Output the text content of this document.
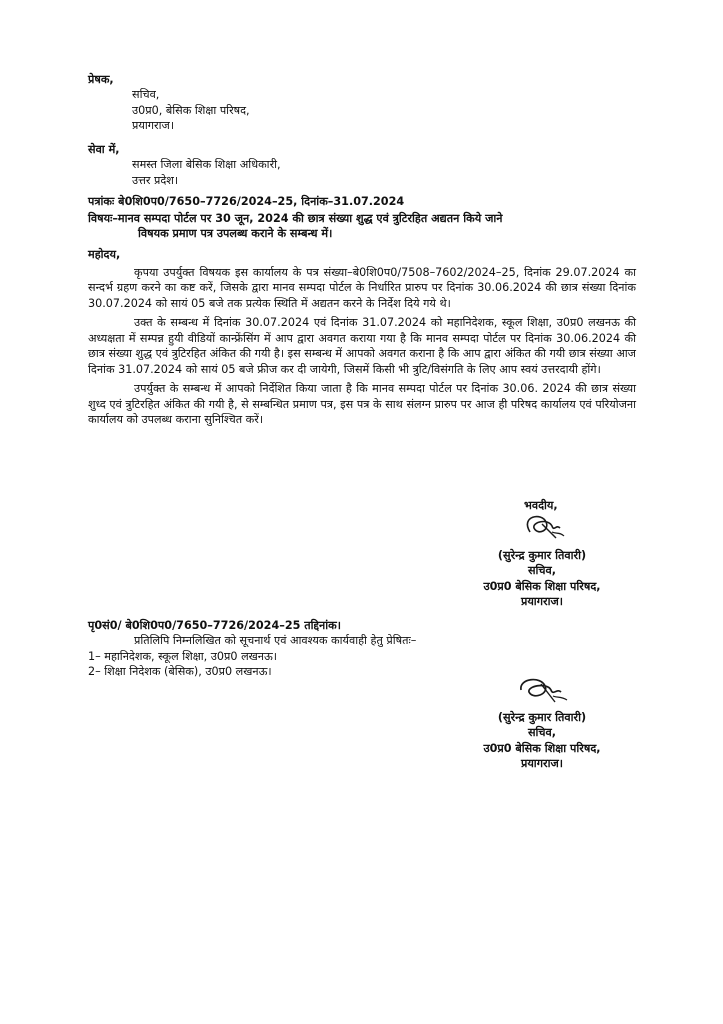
प्रेषक,
सचिव,
उ0प्र0, बेसिक शिक्षा परिषद,
प्रयागराज।
सेवा में,
समस्त जिला बेसिक शिक्षा अधिकारी,
उत्तर प्रदेश।
पत्रांकः बे0शि0प0/7650–7726/2024–25, दिनांक–31.07.2024
विषयः–मानव सम्पदा पोर्टल पर 30 जून, 2024 की छात्र संख्या शुद्ध एवं त्रुटिरहित अद्यतन किये जाने
विषयक प्रमाण पत्र उपलब्ध कराने के सम्बन्ध में।
महोदय,

कृपया उपर्युक्त विषयक इस कार्यालय के पत्र संख्या–बे0शि0प0/7508–7602/2024–25, दिनांक 29.07.2024 का सन्दर्भ ग्रहण करने का कष्ट करें, जिसके द्वारा मानव सम्पदा पोर्टल के निर्धारित प्रारुप पर दिनांक 30.06.2024 की छात्र संख्या दिनांक 30.07.2024 को सायं 05 बजे तक प्रत्येक स्थिति में अद्यतन करने के निर्देश दिये गये थे।

उक्त के सम्बन्ध में दिनांक 30.07.2024 एवं दिनांक 31.07.2024 को महानिदेशक, स्कूल शिक्षा, उ0प्र0 लखनऊ की अध्यक्षता में सम्पन्न हुयी वीडियों कान्फ्रेंसिंग में आप द्वारा अवगत कराया गया है कि मानव सम्पदा पोर्टल पर दिनांक 30.06.2024 की छात्र संख्या शुद्ध एवं त्रुटिरहित अंकित की गयी है। इस सम्बन्ध में आपको अवगत कराना है कि आप द्वारा अंकित की गयी छात्र संख्या आज दिनांक 31.07.2024 को सायं 05 बजे फ्रीज कर दी जायेगी, जिसमें किसी भी त्रुटि/विसंगति के लिए आप स्वयं उत्तरदायी होंगे।

उपर्युक्त के सम्बन्ध में आपको निर्देशित किया जाता है कि मानव सम्पदा पोर्टल पर दिनांक 30.06. 2024 की छात्र संख्या शुध्द एवं त्रुटिरहित अंकित की गयी है, से सम्बन्धित प्रमाण पत्र, इस पत्र के साथ संलग्न प्रारुप पर आज ही परिषद कार्यालय एवं परियोजना कार्यालय को उपलब्ध कराना सुनिश्चित करें।

भवदीय,
(सुरेन्द्र कुमार तिवारी)
सचिव,
उ0प्र0 बेसिक शिक्षा परिषद,
प्रयागराज।
पृ0सं0/ बे0शि0प0/7650–7726/2024–25 तद्दिनांक।
प्रतिलिपि निम्नलिखित को सूचनार्थ एवं आवश्यक कार्यवाही हेतु प्रेषितः–
1– महानिदेशक, स्कूल शिक्षा, उ0प्र0 लखनऊ।
2– शिक्षा निदेशक (बेसिक), उ0प्र0 लखनऊ।
(सुरेन्द्र कुमार तिवारी)
सचिव,
उ0प्र0 बेसिक शिक्षा परिषद,
प्रयागराज।
